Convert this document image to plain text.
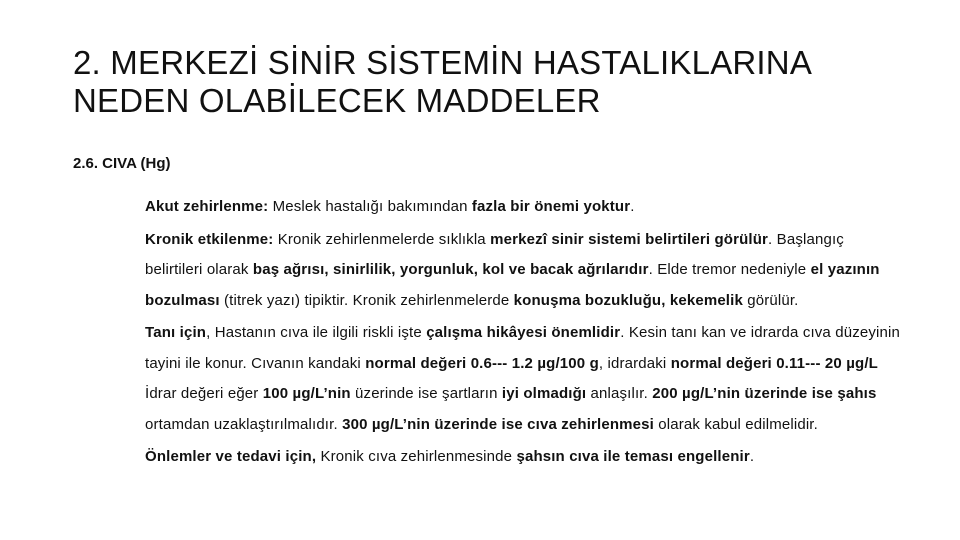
2. MERKEZİ SİNİR SİSTEMİN HASTALIKLARINA
NEDEN OLABİLECEK MADDELER
2.6. CIVA (Hg)

Akut zehirlenme: Meslek hastalığı bakımından fazla bir önemi yoktur.

Kronik etkilenme: Kronik zehirlenmelerde sıklıkla merkezî sinir sistemi belirtileri görülür. Başlangıç belirtileri olarak baş ağrısı, sinirlilik, yorgunluk, kol ve bacak ağrılarıdır. Elde tremor nedeniyle el yazının bozulması (titrek yazı) tipiktir. Kronik zehirlenmelerde konuşma bozukluğu, kekemelik görülür.

Tanı için, Hastanın cıva ile ilgili riskli işte çalışma hikâyesi önemlidir. Kesin tanı kan ve idrarda cıva düzeyinin tayini ile konur. Cıvanın kandaki normal değeri 0.6--- 1.2 µg/100 g, idrardaki normal değeri 0.11--- 20 µg/L İdrar değeri eğer 100 µg/L’nin üzerinde ise şartların iyi olmadığı anlaşılır. 200 µg/L’nin üzerinde ise şahıs ortamdan uzaklaştırılmalıdır. 300 µg/L’nin üzerinde ise cıva zehirlenmesi olarak kabul edilmelidir.

Önlemler ve tedavi için, Kronik cıva zehirlenmesinde şahsın cıva ile teması engellenir.
